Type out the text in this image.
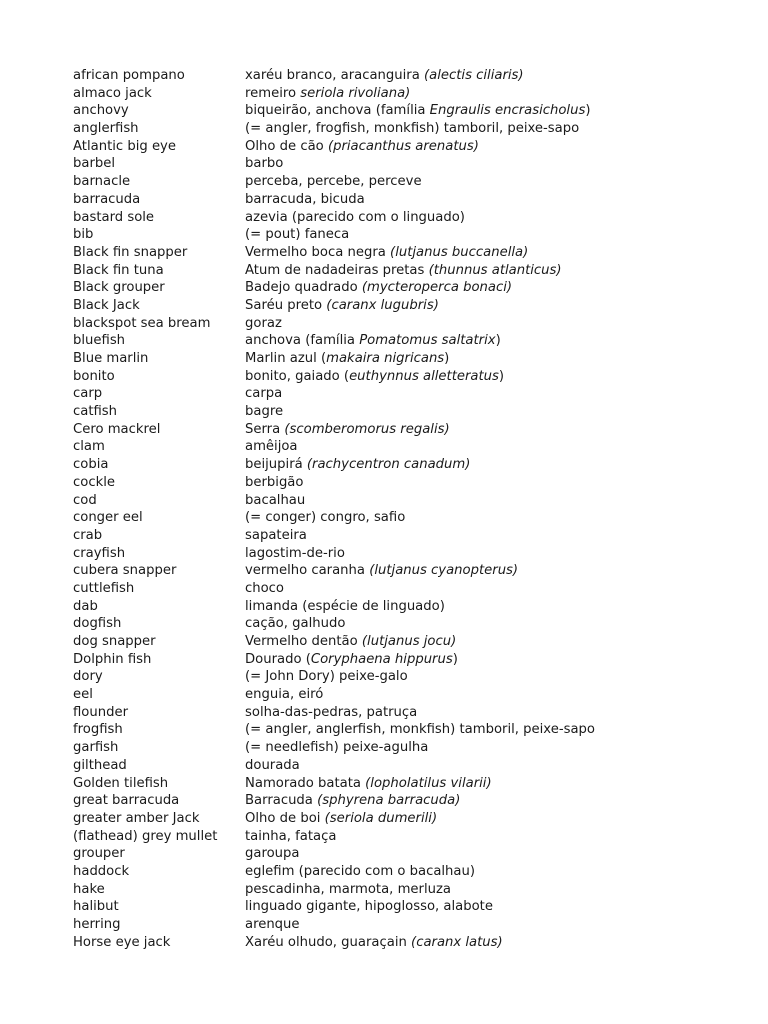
african pompano	xaréu branco, aracanguira (alectis ciliaris)
almaco jack	remeiro seriola rivoliana)
anchovy	biqueirão, anchova (família Engraulis encrasicholus)
anglerfish	(= angler, frogfish, monkfish) tamboril, peixe-sapo
Atlantic big eye	Olho de cão (priacanthus arenatus)
barbel	barbo
barnacle	perceba, percebe, perceve
barracuda	barracuda, bicuda
bastard sole	azevia (parecido com o linguado)
bib	(= pout) faneca
Black fin snapper	Vermelho boca negra (lutjanus buccanella)
Black fin tuna	Atum de nadadeiras pretas (thunnus atlanticus)
Black grouper	Badejo quadrado (mycteroperca bonaci)
Black Jack	Saréu preto (caranx lugubris)
blackspot sea bream	goraz
bluefish	anchova (família Pomatomus saltatrix)
Blue marlin	Marlin azul (makaira nigricans)
bonito	bonito, gaiado (euthynnus alletteratus)
carp	carpa
catfish	bagre
Cero mackrel	Serra (scomberomorus regalis)
clam	amêijoa
cobia	beijupirá (rachycentron canadum)
cockle	berbigão
cod	bacalhau
conger eel	(= conger) congro, safio
crab	sapateira
crayfish	lagostim-de-rio
cubera snapper	vermelho caranha (lutjanus cyanopterus)
cuttlefish	choco
dab	limanda (espécie de linguado)
dogfish	cação, galhudo
dog snapper	Vermelho dentão (lutjanus jocu)
Dolphin fish	Dourado (Coryphaena hippurus)
dory	(= John Dory) peixe-galo
eel	enguia, eiró
flounder	solha-das-pedras, patruça
frogfish	(= angler, anglerfish, monkfish) tamboril, peixe-sapo
garfish	(= needlefish) peixe-agulha
gilthead	dourada
Golden tilefish	Namorado batata (lopholatilus vilarii)
great barracuda	Barracuda (sphyrena barracuda)
greater amber Jack	Olho de boi (seriola dumerili)
(flathead) grey mullet	tainha, fataça
grouper	garoupa
haddock	eglefim (parecido com o bacalhau)
hake	pescadinha, marmota, merluza
halibut	linguado gigante, hipoglosso, alabote
herring	arenque
Horse eye jack	Xaréu olhudo, guaraçain (caranx latus)
